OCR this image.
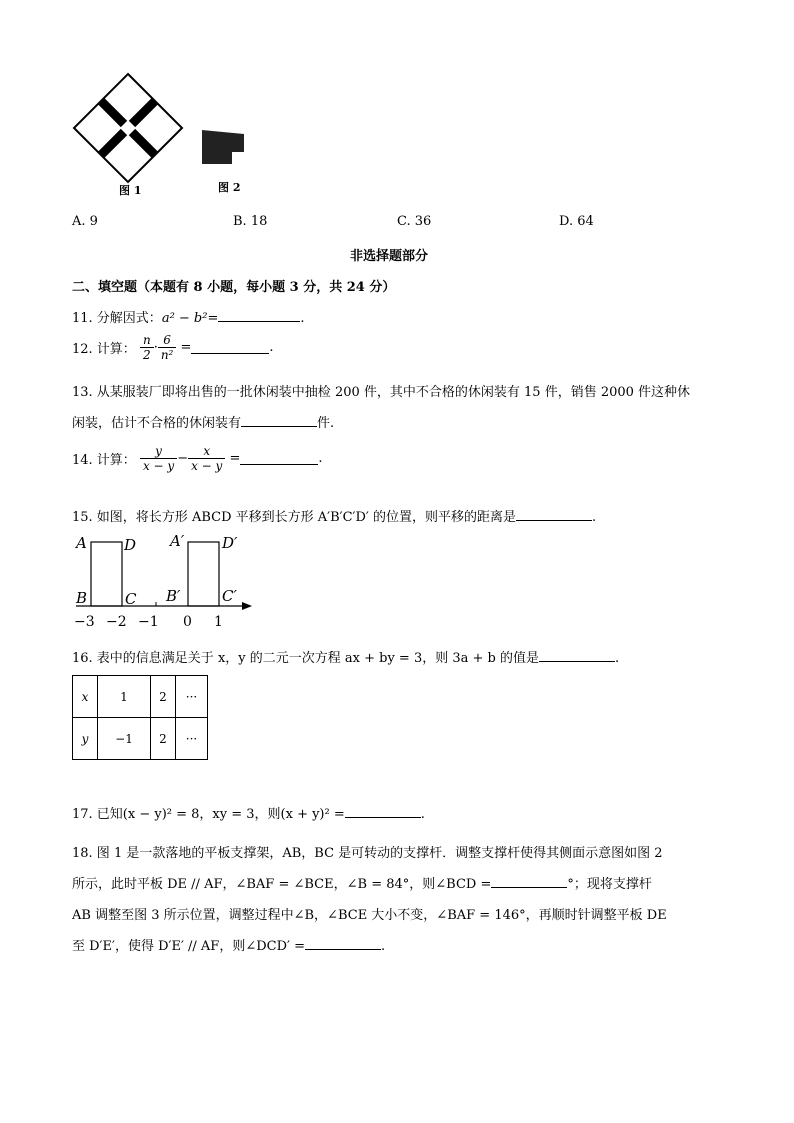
图 1	图 2
A. 9	B. 18	C. 36	D. 64
非选择题部分
二、填空题（本题有 8 小题，每小题 3 分，共 24 分）
11. 分解因式：a² − b²=	.
12. 计算： $\frac{n}{2} \cdot \frac{6}{\text{n²}}$ =	.
13. 从某服装厂即将出售的一批休闲装中抽检 200 件，其中不合格的休闲装有 15 件，销售 2000 件这种休
闲装，估计不合格的休闲装有	件.
14. 计算： $\frac{y}{x - y} - \frac{x}{x - y}$ =	.
15. 如图，将长方形 ABCD 平移到长方形 A′B′C′D′ 的位置，则平移的距离是	.
A D
B	C
A′	D′
B′	C′
−3 −2 −1 0 1
16. 表中的信息满足关于 x，y 的二元一次方程 ax + by = 3，则 3a + b 的值是	.
x	1	2	···
y	−1	2	···
17. 已知(x − y)² = 8，xy = 3，则(x + y)² =	.
18. 图 1 是一款落地的平板支撑架，AB，BC 是可转动的支撑杆．调整支撑杆使得其侧面示意图如图 2
所示，此时平板 DE // AF，∠BAF = ∠BCE，∠B = 84°，则∠BCD =	°；现将支撑杆
AB 调整至图 3 所示位置，调整过程中∠B，∠BCE 大小不变，∠BAF = 146°，再顺时针调整平板 DE
至 D′E′，使得 D′E′ // AF，则∠DCD′ =	.
